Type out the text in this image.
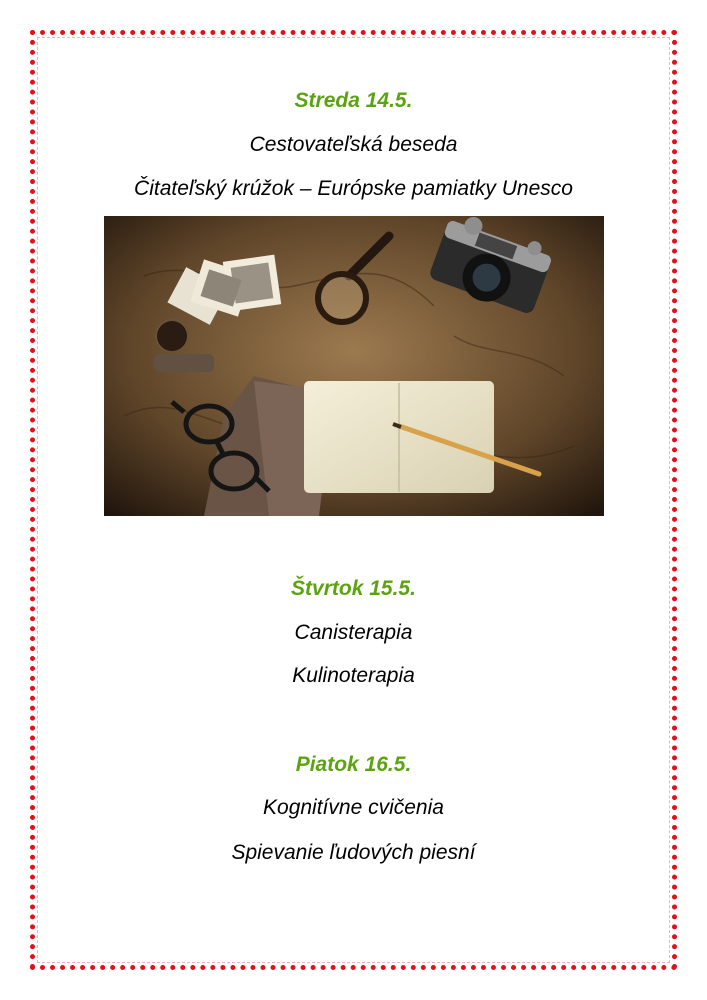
Streda 14.5.
Cestovateľská beseda
Čitateľský krúžok – Európske pamiatky Unesco
Štvrtok 15.5.
Canisterapia
Kulinoterapia
Piatok 16.5.
Kognitívne cvičenia
Spievanie ľudových piesní
